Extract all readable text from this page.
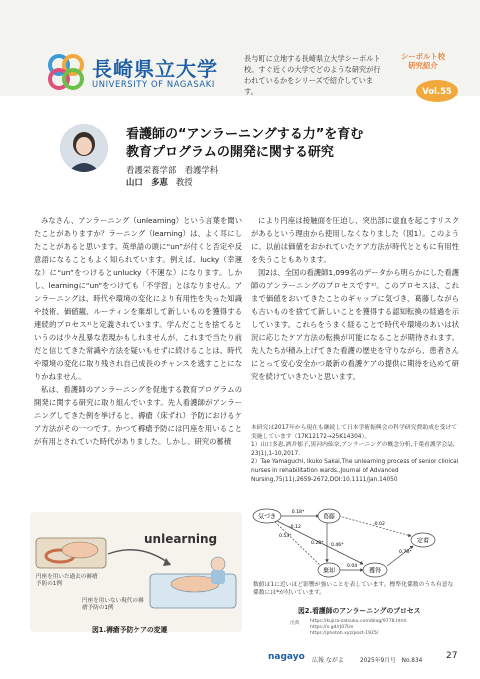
長崎県立大学
UNIVERSITY OF NAGASAKI
長与町に立地する長崎県立大学シーボルト校。すぐ近くの大学でどのような研究が行われているかをシリーズで紹介しています。
シーボルト校
研究紹介
Vol.55
看護師の“アンラーニングする力”を育む
教育プログラムの開発に関する研究
看護栄養学部　看護学科
山口　多恵 教授

みなさん、アンラーニング（unlearning）という言葉を聞いたことがありますか？ラーニング（learning）は、よく耳にしたことがあると思います。英単語の頭に“un”が付くと否定や反意語になることもよく知られています。例えば、lucky（幸運な）に“un”をつけるとunlucky（不運な）になります。しかし、learningに“un”をつけても「不学習」とはなりません。アンラーニングは、時代や環境の変化により有用性を失った知識や技術、価値観、ルーティンを棄却して新しいものを獲得する連続的プロセス¹⁾と定義されています。学んだことを捨てるというのは少々乱暴な表現かもしれませんが、これまで当たり前だと信じてきた常識や方法を疑いもせずに続けることは、時代や環境の変化に取り残され自己成長のチャンスを逃すことになりかねません。

私は、看護師のアンラーニングを促進する教育プログラムの開発に関する研究に取り組んでいます。先人看護師がアンラーニングしてきた例を挙げると、褥瘡（床ずれ）予防におけるケア方法がその一つです。かつて褥瘡予防には円座を用いることが有用とされていた時代がありました。しかし、研究の蓄積

により円座は接触面を圧迫し、突出部に虚血を起こすリスクがあるという理由から使用しなくなりました（図1）。このように、以前は価値をおかれていたケア方法が時代とともに有用性を失うこともあります。

図2は、全国の看護師1,099名のデータから明らかにした看護師のアンラーニングのプロセスです²⁾。このプロセスは、これまで価値をおいてきたことのギャップに気づき、葛藤しながらも古いものを捨てて新しいことを獲得する認知転換の経過を示しています。これらをうまく経ることで時代や環境のあいは状況に応じたケア方法の転換が可能になることが期待されます。先人たちが積み上げてきた看護の歴史を守りながら、患者さんにとって安心安全かつ最新の看護ケアの提供に期待を込めて研究を続けていきたいと思います。

本研究は2017年から現在も継続して日本学術振興会の科学研究費助成を受けて実施しています（17K12172→25K14304）。
1）山口多恵,酒井郁子,黒河内仙奈,アンラーニングの概念分析,千葉看護学会誌, 23(1),1-10,2017.
2）Tae Yamaguchi, Ikuko Sakai,The unlearning process of senior clinical nurses in rehabilitation wards.,Journal of Advanced Nursing,75(11),2659-2672,DOI:10.1111/jan.14050
unlearning
円座を用いた過去の褥瘡予防の1例
円座を用いない現代の褥瘡予防の1例
図1.褥瘡予防ケアの変遷
気づき	葛藤
棄却	獲得
定着
0.18*
-0.12
0.53*
0.28* 0.46*
-0.02
0.04
0.78*
数値は1に近いほど影響が強いことを表しています。標準化係数のうち有意な係数には*が付いています。
図2.看護師のアンラーニングのプロセス
出典 https://kujira-zatsuku.com/blog/9778.html
https://x.gd/rJ07Ue
https://photoh.xyz/post-1925/
nagayo 広報 ながよ	2025年9月号　No.834	27
